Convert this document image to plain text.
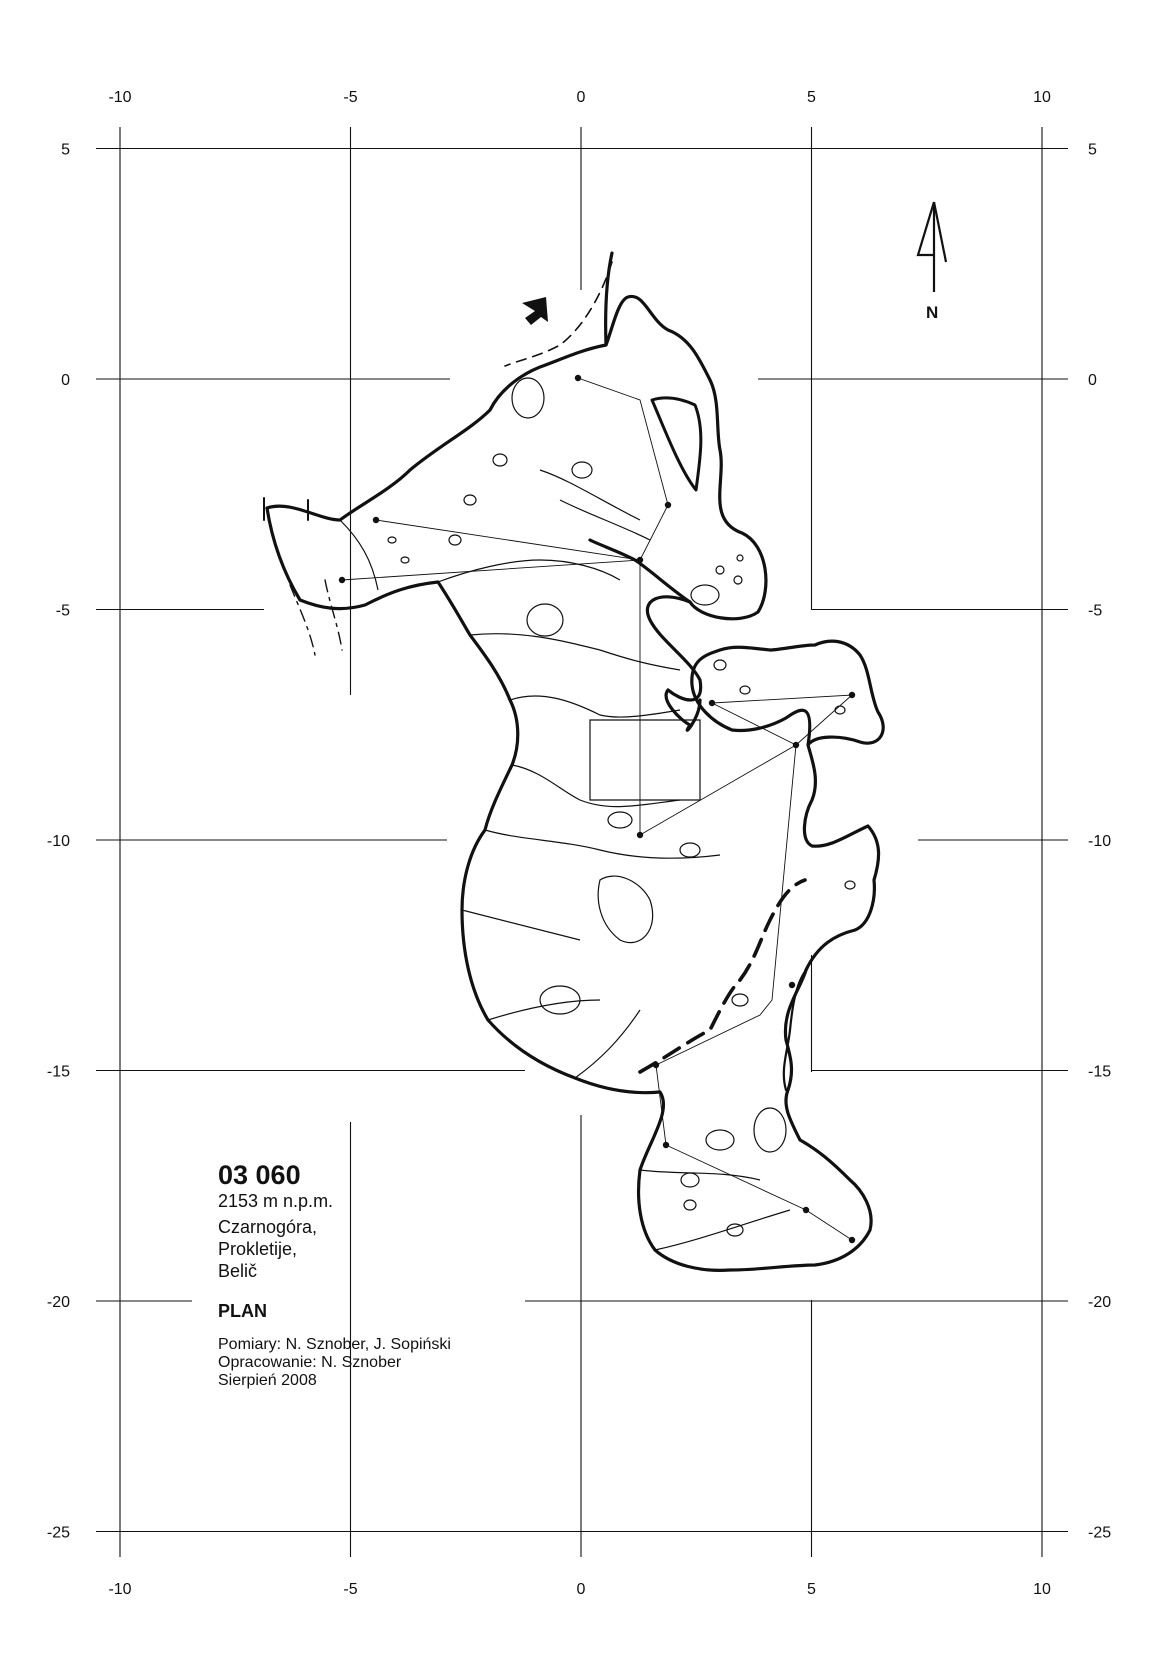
5	5
0	0
-5	-5
-10	-10
-15	-15
-20	-20
-25	-25
-10
-10
-5
-5
0
0
5
5
10
10
N
03 060
2153 m n.p.m.
Czarnogóra,
Prokletije,
Belič
PLAN
Pomiary: N. Sznober, J. Sopiński
Opracowanie: N. Sznober
Sierpień 2008
